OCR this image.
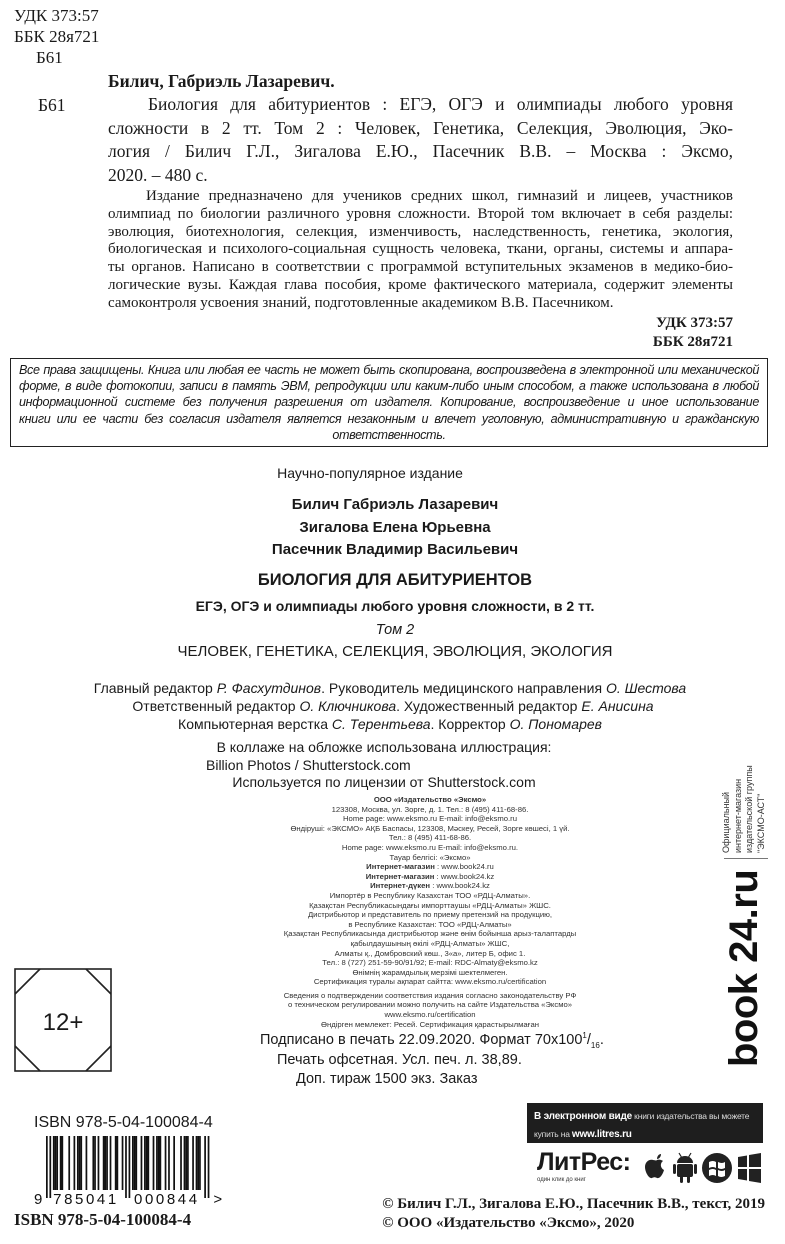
УДК 373:57
ББК 28я721
Б61
Билич, Габриэль Лазаревич.
Биология для абитуриентов : ЕГЭ, ОГЭ и олимпиады любого уровня
сложности в 2 тт. Том 2 : Человек, Генетика, Селекция, Эволюция, Эко-
логия / Билич Г.Л., Зигалова Е.Ю., Пасечник В.В. – Москва : Эксмо,
2020. – 480 с.
Б61
Издание предназначено для учеников средних школ, гимназий и лицеев, участников
олимпиад по биологии различного уровня сложности. Второй том включает в себя разделы:
эволюция, биотехнология, селекция, изменчивость, наследственность, генетика, экология,
биологическая и психолого-социальная сущность человека, ткани, органы, системы и аппара-
ты органов. Написано в соответствии с программой вступительных экзаменов в медико-био-
логические вузы. Каждая глава пособия, кроме фактического материала, содержит элементы
самоконтроля усвоения знаний, подготовленные академиком В.В. Пасечником.
УДК 373:57
ББК 28я721
Все права защищены. Книга или любая ее часть не может быть скопирована, воспроизведена в электронной или механической
форме, в виде фотокопии, записи в память ЭВМ, репродукции или каким-либо иным способом, а также использована в любой
информационной системе без получения разрешения от издателя. Копирование, воспроизведение и иное использование
книги или ее части без согласия издателя является незаконным и влечет уголовную, административную и гражданскую
ответственность.
Научно-популярное издание
Билич Габриэль Лазаревич
Зигалова Елена Юрьевна
Пасечник Владимир Васильевич
БИОЛОГИЯ ДЛЯ АБИТУРИЕНТОВ
ЕГЭ, ОГЭ и олимпиады любого уровня сложности, в 2 тт.
Том 2
ЧЕЛОВЕК, ГЕНЕТИКА, СЕЛЕКЦИЯ, ЭВОЛЮЦИЯ, ЭКОЛОГИЯ
Главный редактор Р. Фасхутдинов. Руководитель медицинского направления О. Шестова
Ответственный редактор О. Ключникова. Художественный редактор Е. Анисина
Компьютерная верстка С. Терентьева. Корректор О. Пономарев
В коллаже на обложке использована иллюстрация:
Billion Photos / Shutterstock.com
Используется по лицензии от Shutterstock.com
ООО «Издательство «Эксмо»
123308, Москва, ул. Зорге, д. 1. Тел.: 8 (495) 411-68-86.
Home page: www.eksmo.ru E-mail: info@eksmo.ru
Өндіруші: «ЭКСМО» АҚБ Баспасы, 123308, Мәскеу, Ресей, Зорге көшесі, 1 үй.
Тел.: 8 (495) 411-68-86.
Home page: www.eksmo.ru E-mail: info@eksmo.ru.
Тауар белгісі: «Эксмо»
Интернет-магазин : www.book24.ru
Интернет-магазин : www.book24.kz
Интернет-дүкен : www.book24.kz
Импортёр в Республику Казахстан ТОО «РДЦ-Алматы».
Қазақстан Республикасындағы импорттаушы «РДЦ-Алматы» ЖШС.
Дистрибьютор и представитель по приему претензий на продукцию,
в Республике Казахстан: ТОО «РДЦ-Алматы»
Қазақстан Республикасында дистрибьютор және өнім бойынша арыз-талаптарды
қабылдаушының өкілі «РДЦ-Алматы» ЖШС,
Алматы қ., Домбровский көш., 3«а», литер Б, офис 1.
Тел.: 8 (727) 251-59-90/91/92; E-mail: RDC-Almaty@eksmo.kz
Өнімнің жарамдылық мерзімі шектелмеген.
Сертификация туралы ақпарат сайтта: www.eksmo.ru/certification
Сведения о подтверждении соответствия издания согласно законодательству РФ
о техническом регулировании можно получить на сайте Издательства «Эксмо»
www.eksmo.ru/certification
Өндірген мемлекет: Ресей. Сертификация қарастырылмаған
12+	book 24.ru
Официальный интернет-магазин издательской группы "ЭКСМО-АСТ"
Подписано в печать 22.09.2020. Формат $70x100^1/_{16}$.
Печать офсетная. Усл. печ. л. 38,89.
Доп. тираж 1500 экз. Заказ
ISBN 978-5-04-100084-4
9 785041 000844 >
ISBN 978-5-04-100084-4
В электронном виде книги издательства вы можете
купить на www.litres.ru
ЛитРес:
один клик до книг
© Билич Г.Л., Зигалова Е.Ю., Пасечник В.В., текст, 2019
© ООО «Издательство «Эксмо», 2020
